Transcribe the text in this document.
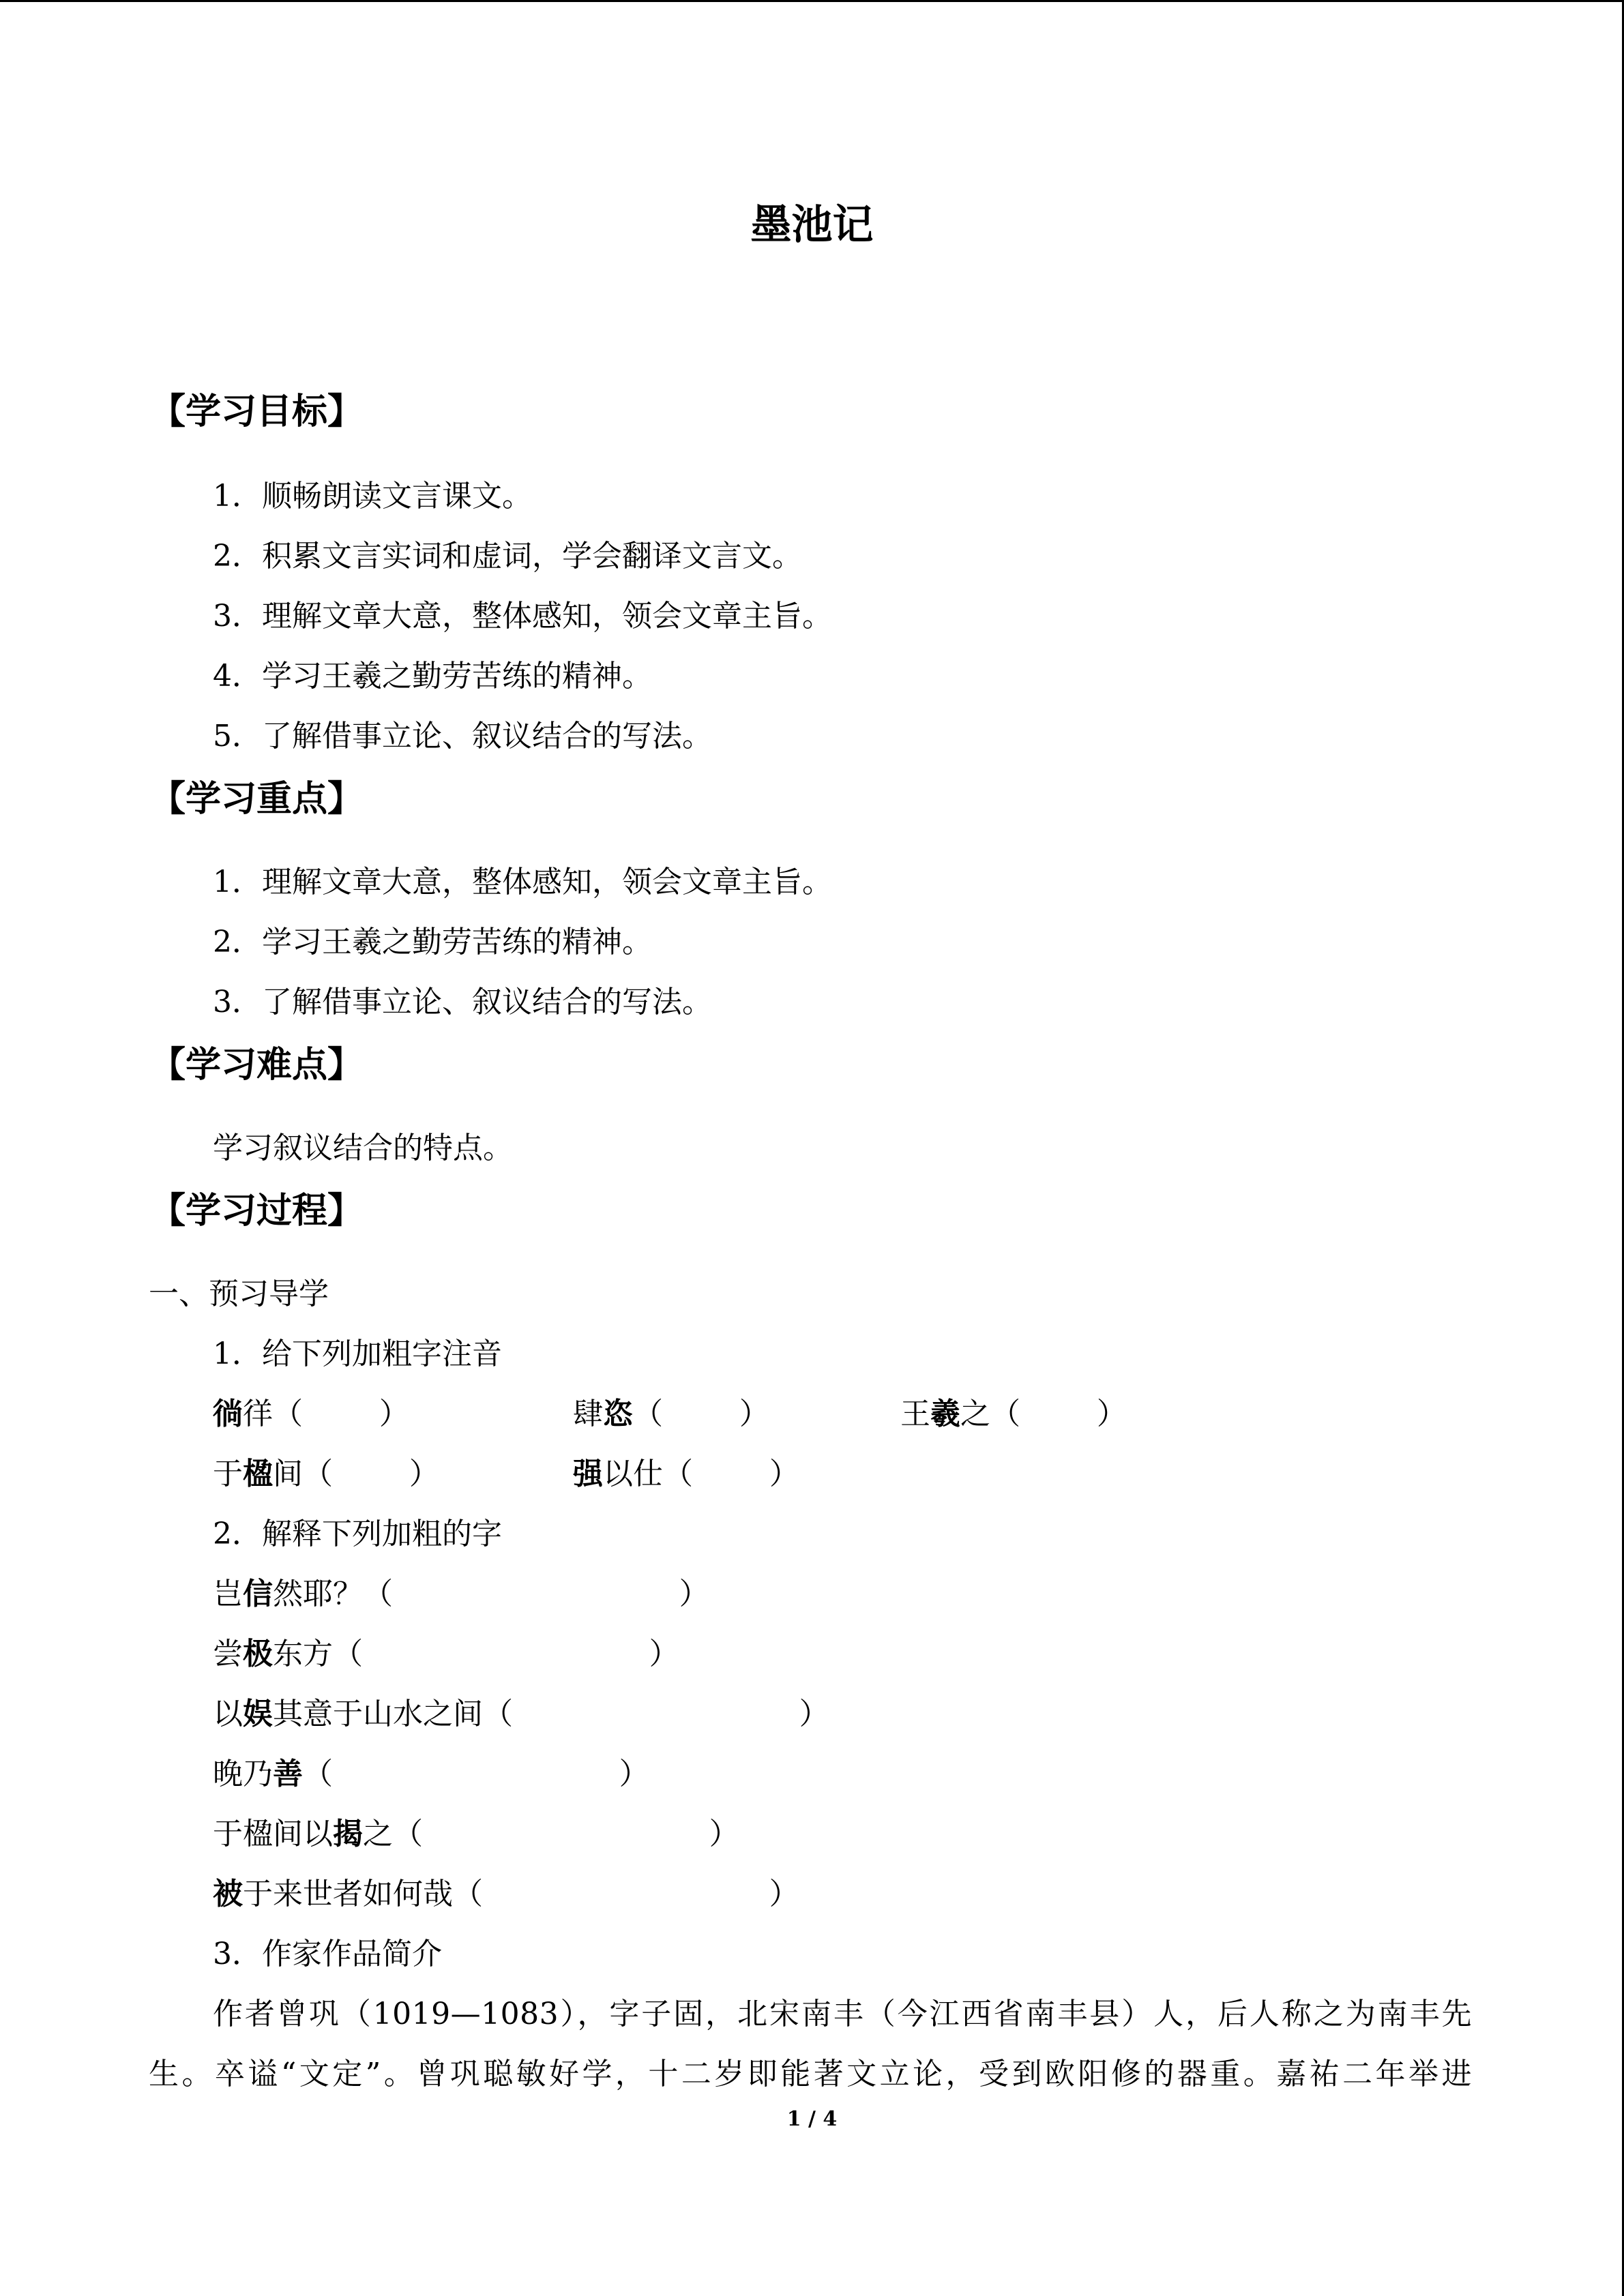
墨池记
【学习目标】
1．顺畅朗读文言课文。
2．积累文言实词和虚词，学会翻译文言文。
3．理解文章大意，整体感知，领会文章主旨。
4．学习王羲之勤劳苦练的精神。
5．了解借事立论、叙议结合的写法。
【学习重点】
1．理解文章大意，整体感知，领会文章主旨。
2．学习王羲之勤劳苦练的精神。
3．了解借事立论、叙议结合的写法。
【学习难点】
学习叙议结合的特点。
【学习过程】
一、预习导学
1．给下列加粗字注音
徜徉（        ）	肆恣（        ）	王羲之（        ）
于楹间（        ）	强以仕（        ）
2．解释下列加粗的字
岂信然耶？（                              ）
尝极东方（                              ）
以娱其意于山水之间（                              ）
晚乃善（                              ）
于楹间以揭之（                              ）
被于来世者如何哉（                              ）
3．作家作品简介
作者曾巩（1019—1083），字子固，北宋南丰（今江西省南丰县）人，后人称之为南丰先生。卒谥“文定”。曾巩聪敏好学，十二岁即能著文立论，受到欧阳修的器重。嘉祐二年举进
1 / 4
